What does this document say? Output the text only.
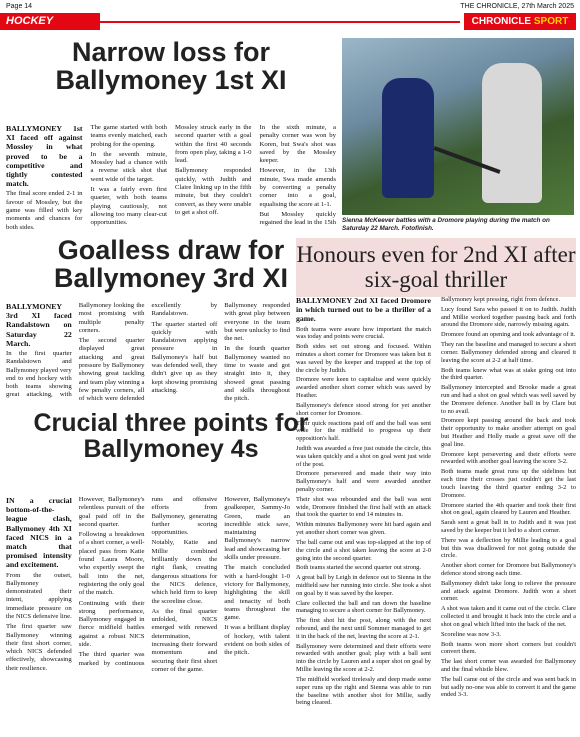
Page 14	THE CHRONICLE, 27th March 2025
HOCKEY	CHRONICLE SPORT
Narrow loss for Ballymoney 1st XI

BALLYMONEY 1st XI faced off against Mossley in what proved to be a competitive and tightly contested match.

The final score ended 2-1 in favour of Mossley, but the game was filled with key moments and chances for both sides.

The game started with both teams evenly matched, each probing for the opening.

In the seventh minute, Mossley had a chance with a reverse stick shot that went wide of the target.

It was a fairly even first quarter, with both teams playing cautiously, not allowing too many clear-cut opportunities.

Mossley struck early in the second quarter with a goal within the first 40 seconds from open play, taking a 1-0 lead.

Ballymoney responded quickly, with Judith and Claire linking up in the fifth minute, but they couldn't convert, as they were unable to get a shot off.

In the sixth minute, a penalty corner was won by Koren, but Swa's shot was saved by the Mossley keeper.

However, in the 13th minute, Swa made amends by converting a penalty corner into a goal, equalising the score at 1-1.

But Mossley quickly regained the lead in the 15th Sienna McKeever battles with a Dromore playing during the match on Saturday 22 March. Fotofinish.
Goalless draw for Ballymoney 3rd XI

BALLYMONEY 3rd XI faced Randalstown on Saturday 22 March.

In the first quarter Randalstown and Ballymoney played very end to end hockey with both teams showing great attacking, with Ballymoney looking the most promising with multiple penalty corners.

The second quarter displayed great attacking and great pressure by Ballymoney showing great tackling and team play winning a few penalty corners, all of which were defended excellently by Randalstown.

The quarter started off quickly with Randalstown applying pressure in Ballymoney's half but was defended well, they didn't give up as they kept showing promising attacking.

Ballymoney responded with great play between everyone in the team but were unlucky to find the net.

In the fourth quarter Ballymoney wanted no time to waste and got straight into it, they showed great passing and skills throughout the pitch.

Honours even for 2nd XI after six-goal thriller

BALLYMONEY 2nd XI faced Dromore in which turned out to be a thriller of a game.

Both teams were aware how important the match was today and points were crucial.

Both sides set out strong and focused. Within minutes a short corner for Dromore was taken but it was saved by the keeper and trapped at the top of the circle by Judith.

Dromore were keen to capitalise and were quickly awarded another short corner which was saved by Heather.

Ballymoney's defence stood strong for yet another short corner for Dromore.

Their quick reactions paid off and the ball was sent wide for the midfield to progress up their opposition's half.

Judith was awarded a free just outside the circle, this was taken quickly and a shot on goal went just wide of the post.

Dromore persevered and made their way into Ballymoney's half and were awarded another penalty corner.

Their shot was rebounded and the ball was sent wide, Dromore finished the first half with an attack that took the quarter to end 14 minutes in.

Within minutes Ballymoney were hit hard again and yet another short corner was given.

The ball came out and was top-slapped at the top of the circle and a shot taken leaving the score at 2-0 going into the second quarter.

Both teams started the second quarter out strong.

A great ball by Leigh in defence out to Sienna in the midfield saw her running into circle. She took a shot on goal by it was saved by the keeper.

Clare collected the ball and ran down the baseline managing to secure a short corner for Ballymoney.

The first shot hit the post, along with the next rebound, and the next until Sommer managed to get it in the back of the net, leaving the score at 2-1.

Ballymoney were determined and their efforts were rewarded with another goal; play with a ball sent into the circle by Lauren and a super shot on goal by Millie leaving the score at 2-2.

The midfield worked tirelessly and deep made some super runs up the right and Sienna was able to run the baseline with another shot for Millie, sadly being cleared.

Ballymoney kept pressing, right from defence.

Lucy found Sara who passed it on to Judith. Judith and Millie worked together passing back and forth around the Dromore side, narrowly missing again.

Dromore found an opening and took advantage of it.

They ran the baseline and managed to secure a short corner. Ballymoney defended strong and cleared it leaving the score at 2-2 at half time.

Both teams knew what was at stake going out into the third quarter.

Ballymoney intercepted and Brooke made a great run and had a shot on goal which was well saved by the Dromore defence. Another ball in by Clare but to no avail.

Dromore kept passing around the back and took their opportunity to make another attempt on goal but Heather and Holly made a great save off the goal line.

Dromore kept persevering and their efforts were rewarded with another goal leaving the score 3-2.

Both teams made great runs up the sidelines but each time their crosses just couldn't get the last touch leaving the third quarter ending 3-2 to Dromore.

Dromore started the 4th quarter and took their first shot on goal, again cleared by Lauren and Heather.

Sarah sent a great ball in to Judith and it was just saved by the keeper but it led to a short corner.

There was a deflection by Millie leading to a goal but this was disallowed for not going outside the circle.

Another short corner for Dromore but Ballymoney's defence stood strong each time.

Ballymoney didn't take long to relieve the pressure and attack against Dromore. Judith won a short corner.

A shot was taken and it came out of the circle. Clare collected it and brought it back into the circle and a shot on goal which lifted into the back of the net.

Scoreline was now 3-3.

Both teams won more short corners but couldn't convert them.

The last short corner was awarded for Ballymoney and the final whistle blew.

The ball came out of the circle and was sent back in but sadly no-one was able to convert it and the game ended 3-3.

Crucial three points for Ballymoney 4s

IN a crucial bottom-of-the-league clash, Ballymoney 4th XI faced NICS in a match that promised intensity and excitement.

From the outset, Ballymoney demonstrated their intent, applying immediate pressure on the NICS defensive line.

The first quarter saw Ballymoney winning their first short corner, which NICS defended effectively, showcasing their resilience.

However, Ballymoney's relentless pursuit of the goal paid off in the second quarter.

Following a breakdown of a short corner, a well-placed pass from Katie found Laura Moore, who expertly swept the ball into the net, registering the only goal of the match.

Continuing with their strong performance, Ballymoney engaged in fierce midfield battles against a robust NICS side.

The third quarter was marked by continuous runs and offensive efforts from Ballymoney, generating further scoring opportunities.

Notably, Katie and Millie combined brilliantly down the right flank, creating dangerous situations for the NICS defence, which held firm to keep the scoreline close.

As the final quarter unfolded, NICS emerged with renewed determination, increasing their forward momentum and securing their first short corner of the game.

However, Ballymoney's goalkeeper, Sammy-Jo Green, made an incredible stick save, maintaining Ballymoney's narrow lead and showcasing her skills under pressure.

The match concluded with a hard-fought 1-0 victory for Ballymoney, highlighting the skill and tenacity of both teams throughout the game.

It was a brilliant display of hockey, with talent evident on both sides of the pitch.
